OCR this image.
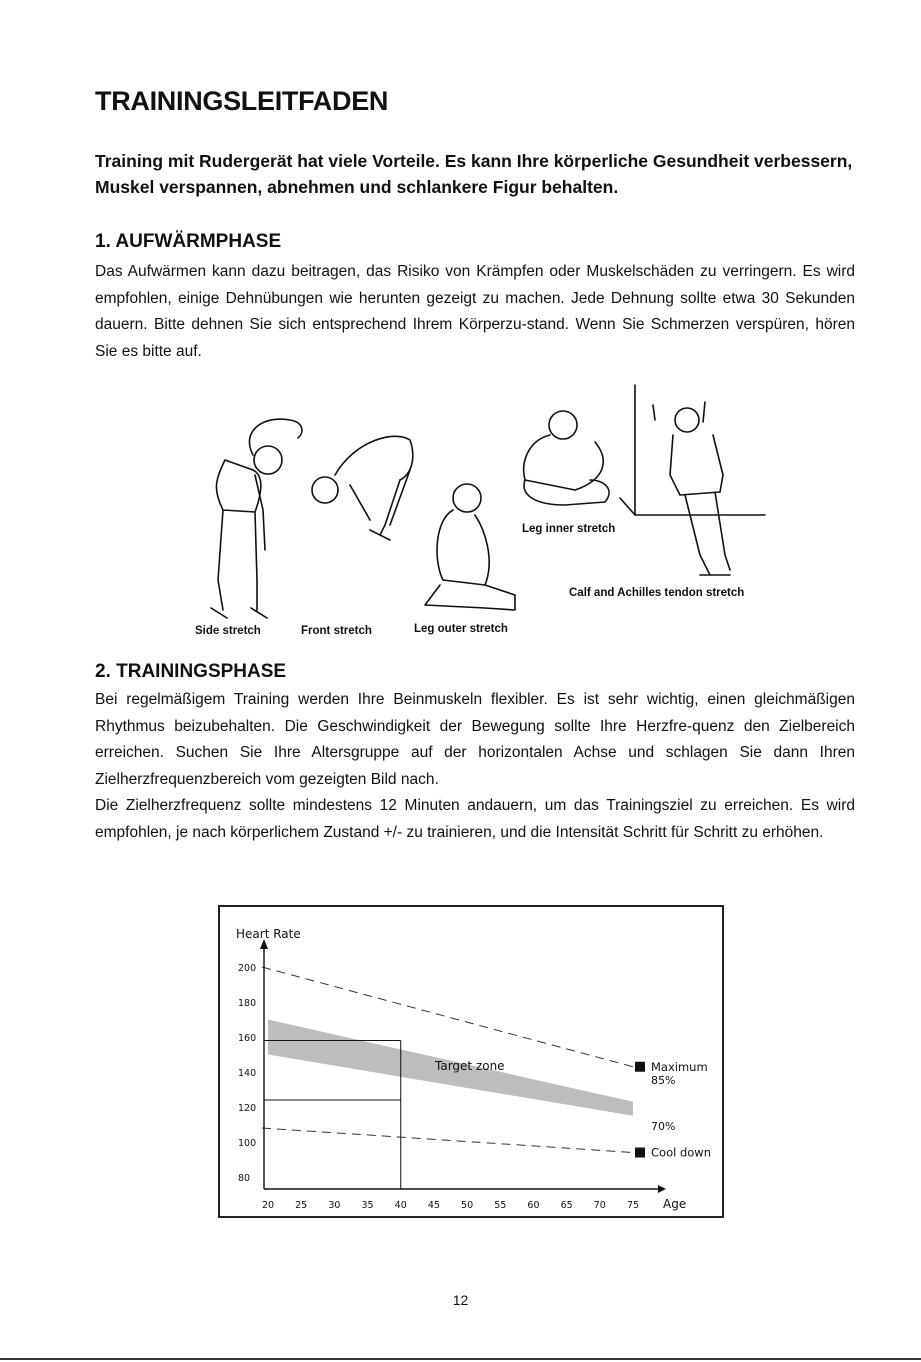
TRAININGSLEITFADEN
Training mit Rudergerät hat viele Vorteile. Es kann Ihre körperliche Gesundheit verbessern, Muskel verspannen, abnehmen und schlankere Figur behalten.
1. AUFWÄRMPHASE

Das Aufwärmen kann dazu beitragen, das Risiko von Krämpfen oder Muskelschäden zu verringern. Es wird empfohlen, einige Dehnübungen wie herunten gezeigt zu machen. Jede Dehnung sollte etwa 30 Sekunden dauern. Bitte dehnen Sie sich entsprechend Ihrem Körperzu-stand. Wenn Sie Schmerzen verspüren, hören Sie es bitte auf.

Side stretch	Front stretch	Leg outer stretch
Leg inner stretch
Calf and Achilles tendon stretch
2. TRAININGSPHASE

Bei regelmäßigem Training werden Ihre Beinmuskeln flexibler. Es ist sehr wichtig, einen gleichmäßigen Rhythmus beizubehalten. Die Geschwindigkeit der Bewegung sollte Ihre Herzfre-quenz den Zielbereich erreichen. Suchen Sie Ihre Altersgruppe auf der horizontalen Achse und schlagen Sie dann Ihren Zielherzfrequenzbereich vom gezeigten Bild nach.

Die Zielherzfrequenz sollte mindestens 12 Minuten andauern, um das Trainingsziel zu erreichen. Es wird empfohlen, je nach körperlichem Zustand +/- zu trainieren, und die Intensität Schritt für Schritt zu erhöhen.

Maximum
Cool down
85%
70%
Target zone
Heart Rate
Age
80
100
120
140
160
180
200
20 25 30 35 40 45 50 55 60 65 70 75
12
